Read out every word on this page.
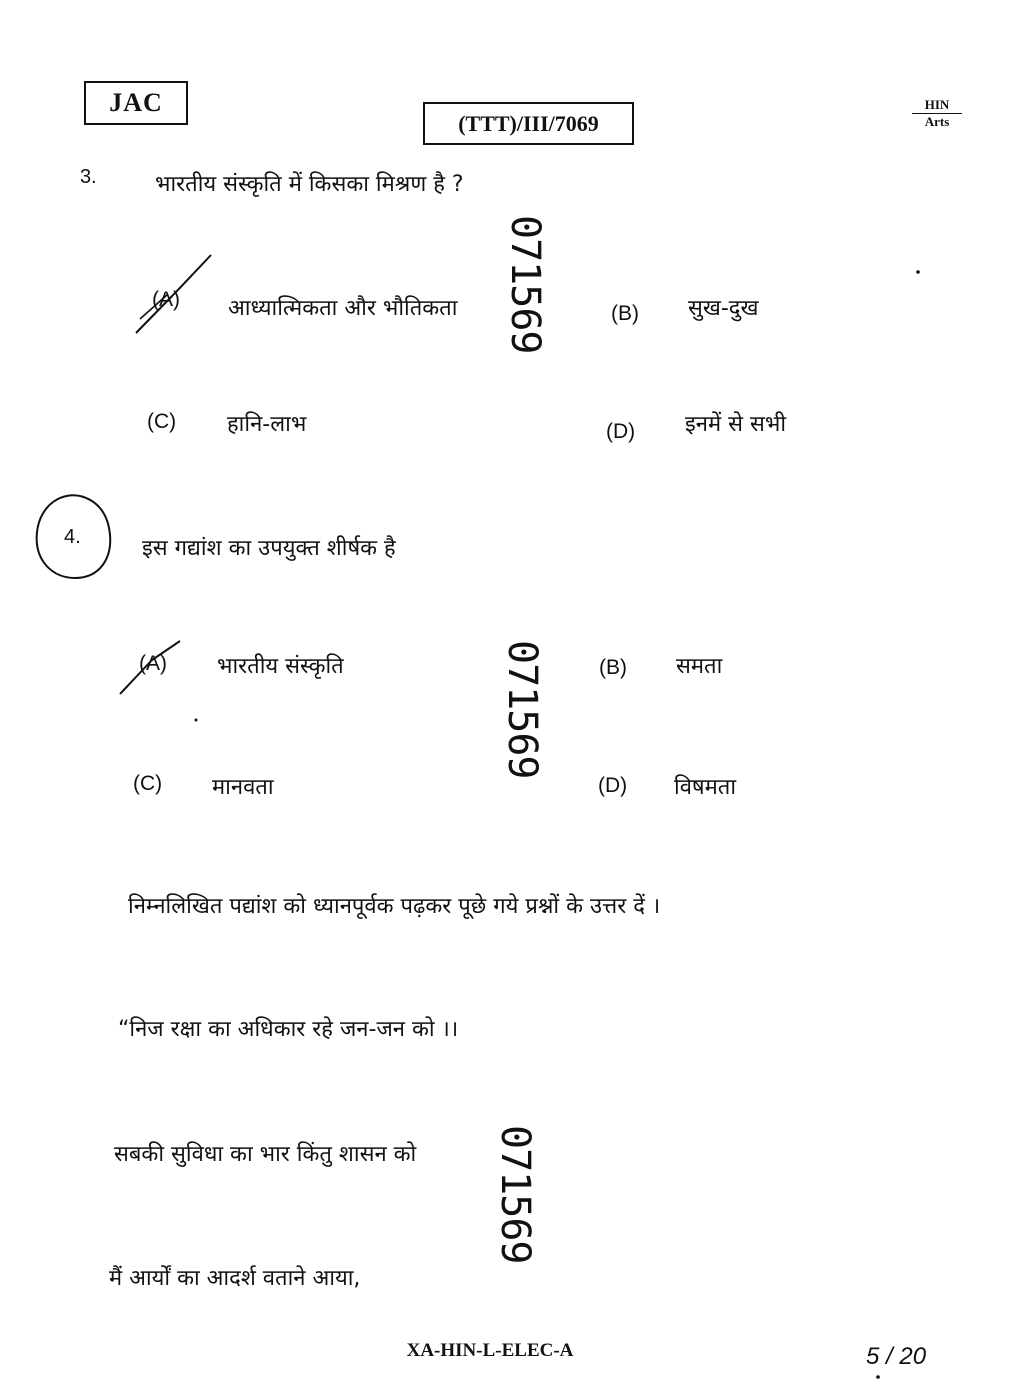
JAC
(TTT)/III/7069
HIN
Arts
3.	भारतीय संस्कृति में किसका मिश्रण है ?
(A) आध्यात्मिकता और भौतिकता	(B) सुख-दुख
(C) हानि-लाभ	(D) इनमें से सभी
4.	इस गद्यांश का उपयुक्त शीर्षक है
(A) भारतीय संस्कृति	(B) समता
(C) मानवता	(D) विषमता
निम्नलिखित पद्यांश को ध्यानपूर्वक पढ़कर पूछे गये प्रश्नों के उत्तर दें ।
“निज रक्षा का अधिकार रहे जन-जन को ।।
सबकी सुविधा का भार किंतु शासन को
मैं आर्यों का आदर्श वताने आया,
071569
071569
071569
XA-HIN-L-ELEC-A	5 / 20
